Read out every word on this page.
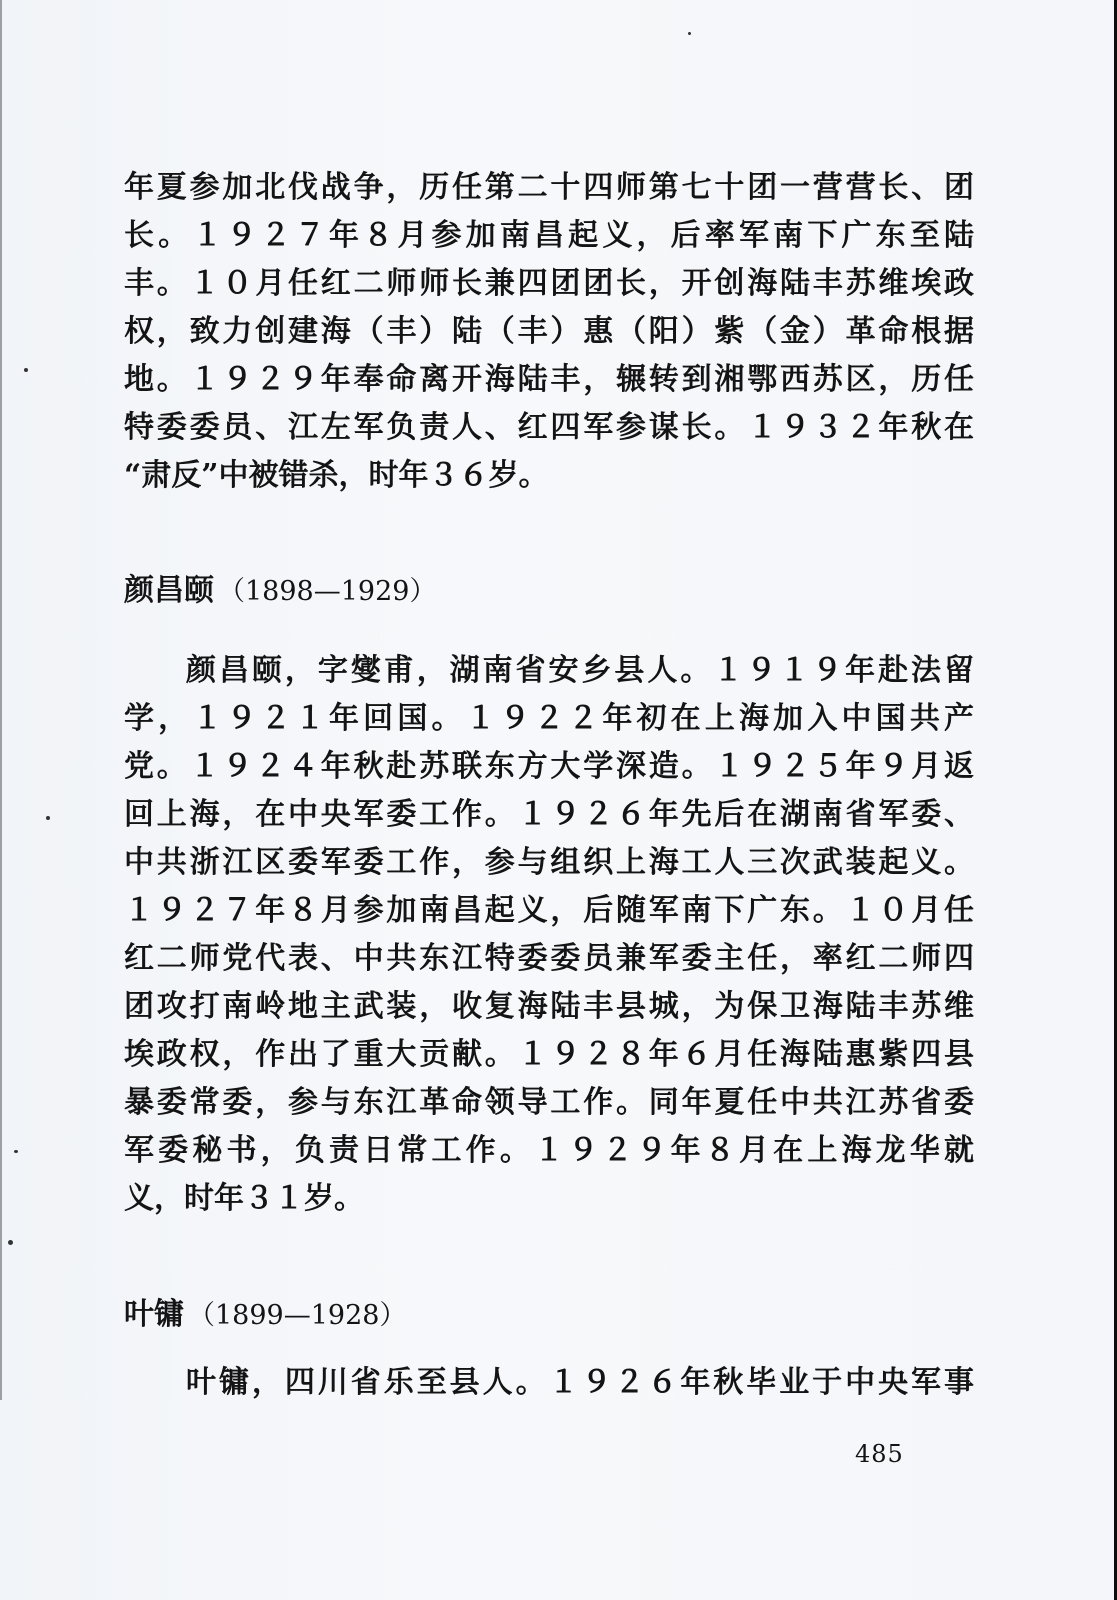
年夏参加北伐战争，历任第二十四师第七十团一营营长、团
长。１９２７年８月参加南昌起义，后率军南下广东至陆
丰。１０月任红二师师长兼四团团长，开创海陆丰苏维埃政
权，致力创建海（丰）陆（丰）惠（阳）紫（金）革命根据
地。１９２９年奉命离开海陆丰，辗转到湘鄂西苏区，历任
特委委员、江左军负责人、红四军参谋长。１９３２年秋在
“肃反”中被错杀，时年３６岁。
颜昌颐 （1898—1929）
颜昌颐，字燮甫，湖南省安乡县人。１９１９年赴法留
学，１９２１年回国。１９２２年初在上海加入中国共产
党。１９２４年秋赴苏联东方大学深造。１９２５年９月返
回上海，在中央军委工作。１９２６年先后在湖南省军委、
中共浙江区委军委工作，参与组织上海工人三次武装起义。
１９２７年８月参加南昌起义，后随军南下广东。１０月任
红二师党代表、中共东江特委委员兼军委主任，率红二师四
团攻打南岭地主武装，收复海陆丰县城，为保卫海陆丰苏维
埃政权，作出了重大贡献。１９２８年６月任海陆惠紫四县
暴委常委，参与东江革命领导工作。同年夏任中共江苏省委
军委秘书，负责日常工作。１９２９年８月在上海龙华就
义，时年３１岁。
叶镛 （1899—1928）
叶镛，四川省乐至县人。１９２６年秋毕业于中央军事
485
